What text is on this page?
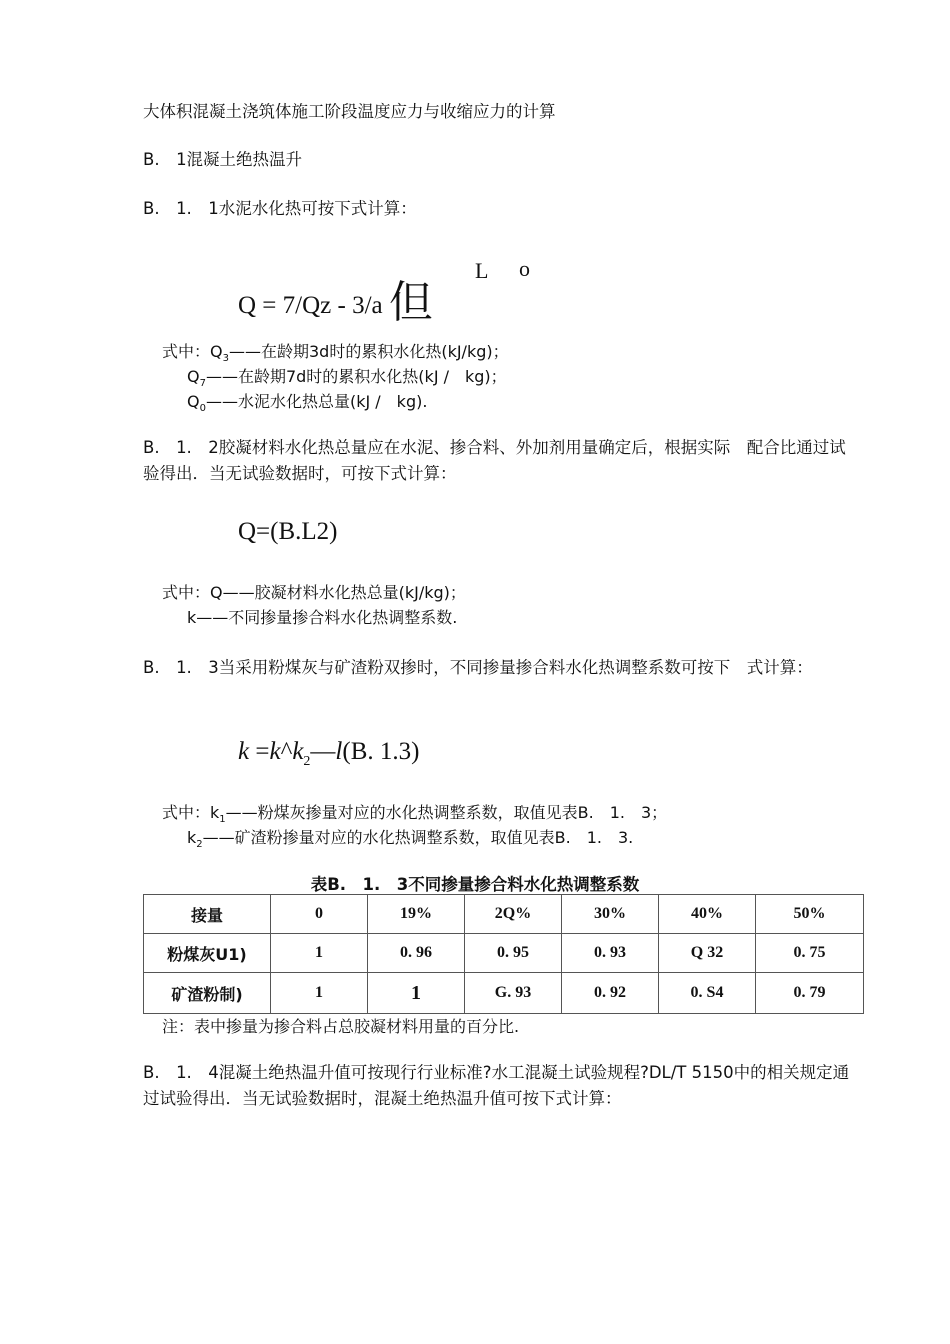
大体积混凝土浇筑体施工阶段温度应力与收缩应力的计算
B.　1混凝土绝热温升
B.　1.　1水泥水化热可按下式计算：
Q = 7/Qz - 3/a 但
L o
式中：$Q_3——$在龄期3d时的累积水化热(kJ/kg)；
$Q_7——$在龄期7d时的累积水化热(kJ /　kg)；
$Q_0——$水泥水化热总量(kJ /　kg).
B.　1.　2胶凝材料水化热总量应在水泥、掺合料、外加剂用量确定后，根据实际　配合比通过试验得出．当无试验数据时，可按下式计算：
Q=(B.L2)
式中：Q——胶凝材料水化热总量(kJ/kg)；
k——不同掺量掺合料水化热调整系数.
B.　1.　3当采用粉煤灰与矿渣粉双掺时，不同掺量掺合料水化热调整系数可按下　式计算：
$k =k\^{}k_2—l(B$. 1.3)
式中：$k_1——$粉煤灰掺量对应的水化热调整系数，取值见表B.　1.　3；
$k_2——$矿渣粉掺量对应的水化热调整系数，取值见表B.　1.　3.
表B.　1.　3不同掺量掺合料水化热调整系数
接量	0	19%	2Q%	30%	40%	50%
粉煤灰U1)	1	0. 96	0. 95	0. 93	Q 32	0. 75
矿渣粉制)	1	1	G. 93	0. 92	0. S4	0. 79
注：表中掺量为掺合料占总胶凝材料用量的百分比.
B.　1.　4混凝土绝热温升值可按现行行业标准?水工混凝土试验规程?DL/T 5150中的相关规定通过试验得出．当无试验数据时，混凝土绝热温升值可按下式计算：
